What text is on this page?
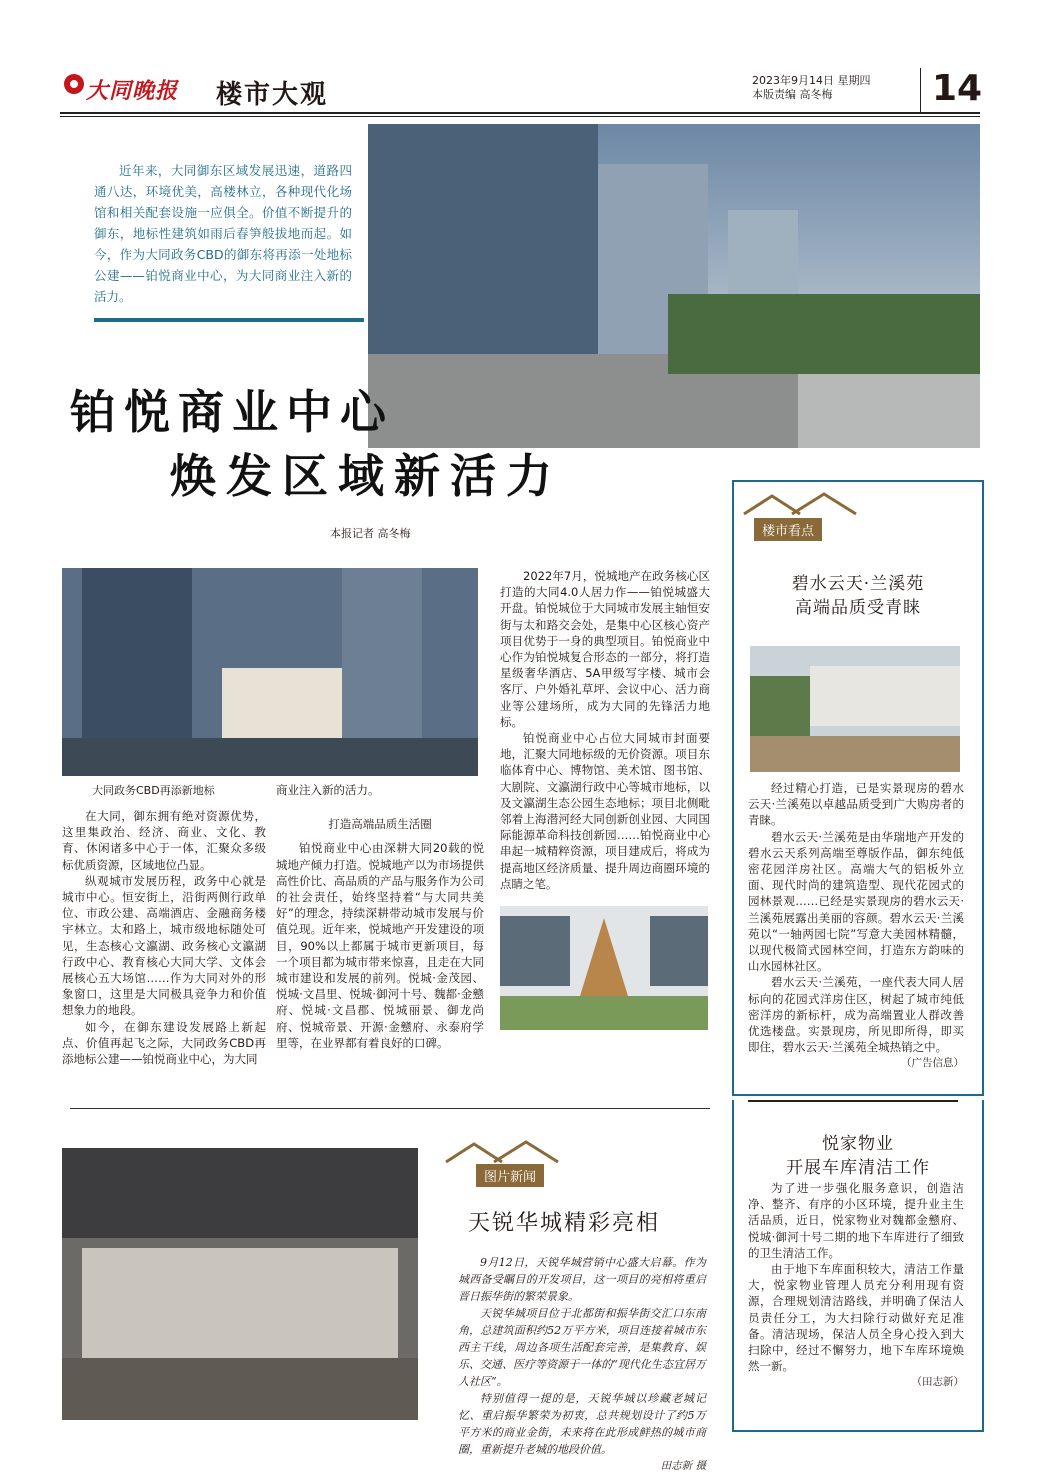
大同晚报 楼市大观	2023年9月14日 星期四
本版责编 高冬梅	14
近年来，大同御东区域发展迅速，道路四通八达，环境优美，高楼林立，各种现代化场馆和相关配套设施一应俱全。价值不断提升的御东，地标性建筑如雨后春笋般拔地而起。如今，作为大同政务CBD的御东将再添一处地标公建——铂悦商业中心，为大同商业注入新的活力。
铂悦商业中心
焕发区域新活力
本报记者 高冬梅
大同政务CBD再添新地标

在大同，御东拥有绝对资源优势，这里集政治、经济、商业、文化、教育、休闲诸多中心于一体，汇聚众多级标优质资源，区域地位凸显。

纵观城市发展历程，政务中心就是城市中心。恒安街上，沿街两侧行政单位、市政公建、高端酒店、金融商务楼宇林立。太和路上，城市级地标随处可见，生态核心文瀛湖、政务核心文瀛湖行政中心、教育核心大同大学、文体会展核心五大场馆……作为大同对外的形象窗口，这里是大同极具竞争力和价值想象力的地段。

如今，在御东建设发展路上新起点、价值再起飞之际，大同政务CBD再添地标公建——铂悦商业中心，为大同

商业注入新的活力。

打造高端品质生活圈

铂悦商业中心由深耕大同20载的悦城地产倾力打造。悦城地产以为市场提供高性价比、高品质的产品与服务作为公司的社会责任，始终坚持着“与大同共美好”的理念，持续深耕带动城市发展与价值兑现。近年来，悦城地产开发建设的项目，90%以上都属于城市更新项目，每一个项目都为城市带来惊喜，且走在大同城市建设和发展的前列。悦城·金茂园、悦城·文昌里、悦城·御河十号、魏都·金戆府、悦城·文昌郡、悦城丽景、御龙尚府、悦城帝景、开源·金戆府、永泰府学里等，在业界都有着良好的口碑。

2022年7月，悦城地产在政务核心区打造的大同4.0人居力作——铂悦城盛大开盘。铂悦城位于大同城市发展主轴恒安街与太和路交会处，是集中心区核心资产项目优势于一身的典型项目。铂悦商业中心作为铂悦城复合形态的一部分，将打造星级奢华酒店、5A甲级写字楼、城市会客厅、户外婚礼草坪、会议中心、活力商业等公建场所，成为大同的先锋活力地标。

铂悦商业中心占位大同城市封面要地，汇聚大同地标级的无价资源。项目东临体育中心、博物馆、美术馆、图书馆、大剧院、文瀛湖行政中心等城市地标，以及文瀛湖生态公园生态地标；项目北侧毗邻着上海潜河经大同创新创业园、大同国际能源革命科技创新园……铂悦商业中心串起一城精粹资源，项目建成后，将成为提高地区经济质量、提升周边商圈环境的点睛之笔。

楼市看点
碧水云天·兰溪苑
高端品质受青睐

经过精心打造，已是实景现房的碧水云天·兰溪苑以卓越品质受到广大购房者的青睐。

碧水云天·兰溪苑是由华瑞地产开发的碧水云天系列高端至尊版作品，御东纯低密花园洋房社区。高端大气的铝板外立面、现代时尚的建筑造型、现代花园式的园林景观……已经是实景现房的碧水云天·兰溪苑展露出美丽的容颜。碧水云天·兰溪苑以“一轴两园七院”写意大美园林精髓，以现代极简式园林空间，打造东方韵味的山水园林社区。

碧水云天·兰溪苑，一座代表大同人居标向的花园式洋房住区，树起了城市纯低密洋房的新标杆，成为高端置业人群改善优选楼盘。实景现房，所见即所得，即买即住，碧水云天·兰溪苑全城热销之中。

（广告信息）

图片新闻
天锐华城精彩亮相

9月12日，天锐华城营销中心盛大启幕。作为城西备受瞩目的开发项目，这一项目的亮相将重启晋日振华街的繁荣景象。

天锐华城项目位于北都街和振华街交汇口东南角，总建筑面积约52万平方米，项目连接着城市东西主干线，周边各项生活配套完善，是集教育、娱乐、交通、医疗等资源于一体的“现代化生态宜居万人社区”。

特别值得一提的是，天锐华城以珍藏老城记忆、重启振华繁荣为初衷，总共规划设计了约5万平方米的商业金街，未来将在此形成鲜热的城市商圈，重新提升老城的地段价值。

田志新 摄

悦家物业
开展车库清洁工作

为了进一步强化服务意识，创造洁净、整齐、有序的小区环境，提升业主生活品质，近日，悦家物业对魏都金戆府、悦城·御河十号二期的地下车库进行了细致的卫生清洁工作。

由于地下车库面积较大，清洁工作量大，悦家物业管理人员充分利用现有资源，合理规划清洁路线，并明确了保洁人员责任分工，为大扫除行动做好充足准备。清洁现场，保洁人员全身心投入到大扫除中，经过不懈努力，地下车库环境焕然一新。

（田志新）
